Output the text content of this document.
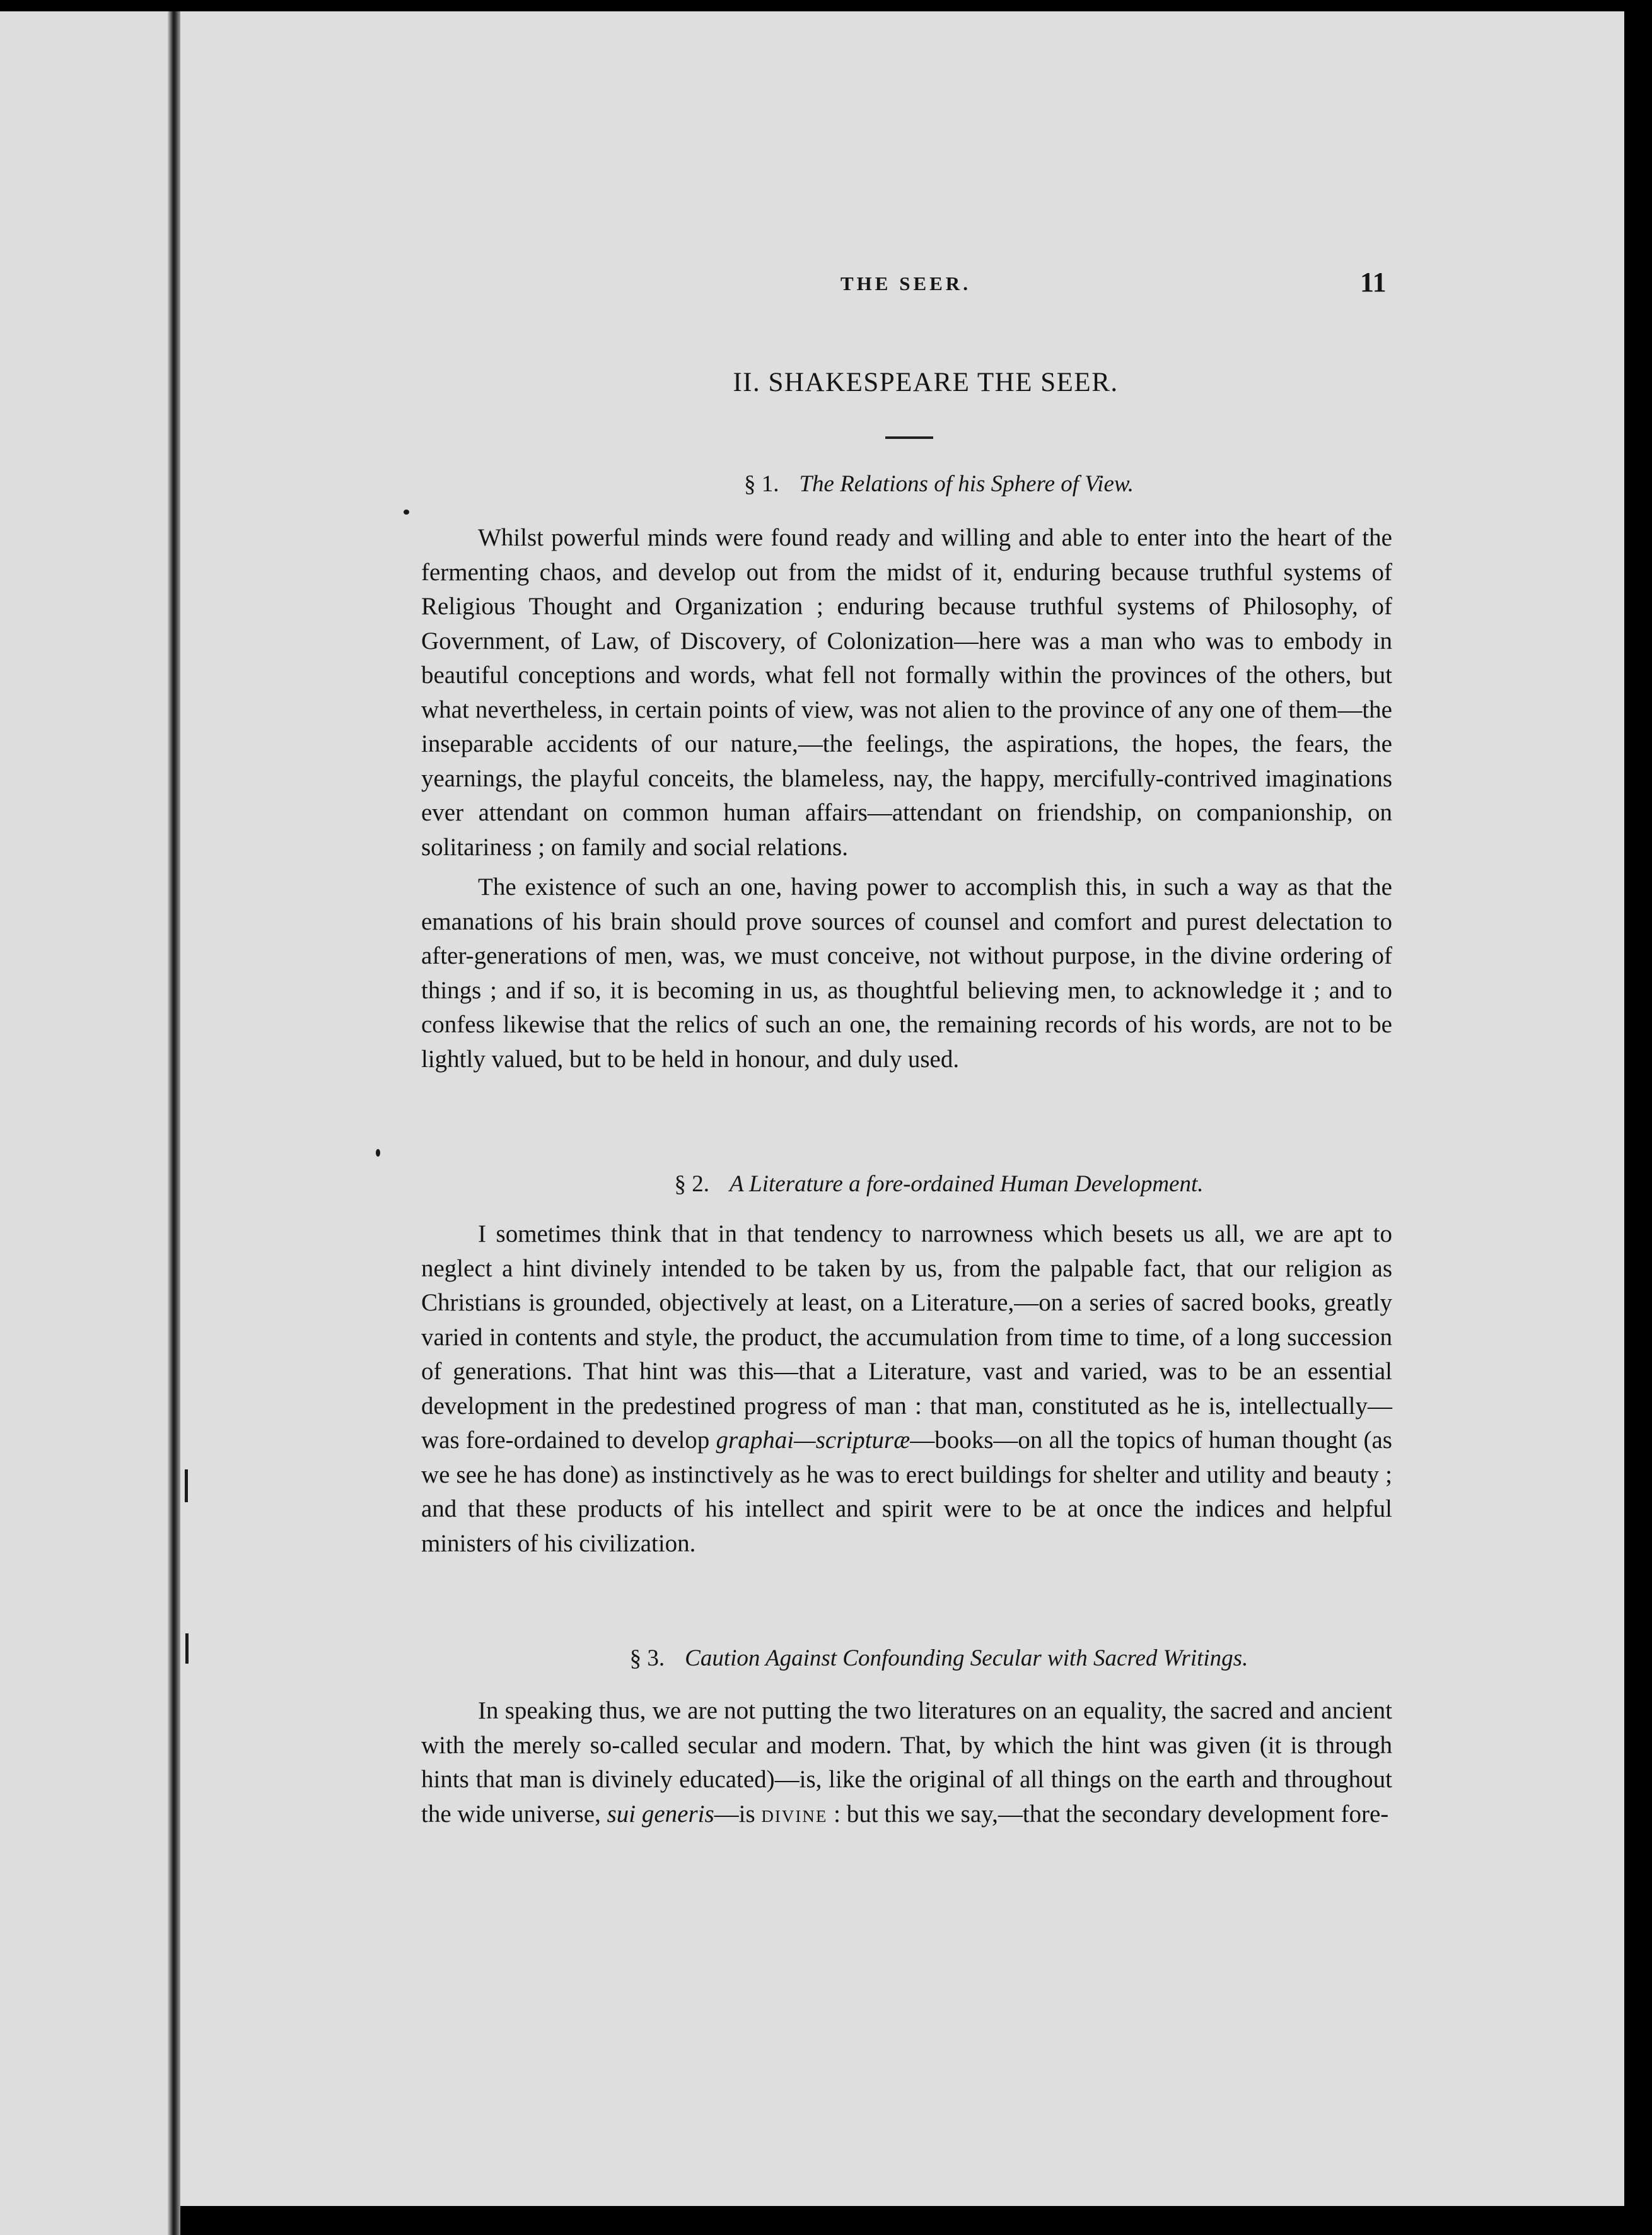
THE SEER.	11
II. SHAKESPEARE THE SEER.
§ 1. The Relations of his Sphere of View.

Whilst powerful minds were found ready and willing and able to enter into the heart of the fermenting chaos, and develop out from the midst of it, enduring because truthful systems of Religious Thought and Organization ; enduring because truthful systems of Philosophy, of Government, of Law, of Discovery, of Colonization—here was a man who was to embody in beautiful conceptions and words, what fell not formally within the provinces of the others, but what nevertheless, in certain points of view, was not alien to the province of any one of them—the inseparable accidents of our nature,—the feelings, the aspirations, the hopes, the fears, the yearnings, the playful conceits, the blameless, nay, the happy, mercifully-contrived imaginations ever attendant on common human affairs—attendant on friendship, on companionship, on solitariness ; on family and social relations.

The existence of such an one, having power to accomplish this, in such a way as that the emanations of his brain should prove sources of counsel and comfort and purest delectation to after-generations of men, was, we must conceive, not without purpose, in the divine ordering of things ; and if so, it is becoming in us, as thoughtful believing men, to acknowledge it ; and to confess likewise that the relics of such an one, the remaining records of his words, are not to be lightly valued, but to be held in honour, and duly used.

§ 2. A Literature a fore-ordained Human Development.

I sometimes think that in that tendency to narrowness which besets us all, we are apt to neglect a hint divinely intended to be taken by us, from the palpable fact, that our religion as Christians is grounded, objectively at least, on a Literature,—on a series of sacred books, greatly varied in contents and style, the product, the accumulation from time to time, of a long succession of generations. That hint was this—that a Literature, vast and varied, was to be an essential development in the predestined progress of man : that man, constituted as he is, intellectually—was fore-ordained to develop graphai—scripturæ—books—on all the topics of human thought (as we see he has done) as instinctively as he was to erect buildings for shelter and utility and beauty ; and that these products of his intellect and spirit were to be at once the indices and helpful ministers of his civilization.

§ 3. Caution Against Confounding Secular with Sacred Writings.

In speaking thus, we are not putting the two literatures on an equality, the sacred and ancient with the merely so-called secular and modern. That, by which the hint was given (it is through hints that man is divinely educated)—is, like the original of all things on the earth and throughout the wide universe, sui generis—is divine : but this we say,—that the secondary development fore-
